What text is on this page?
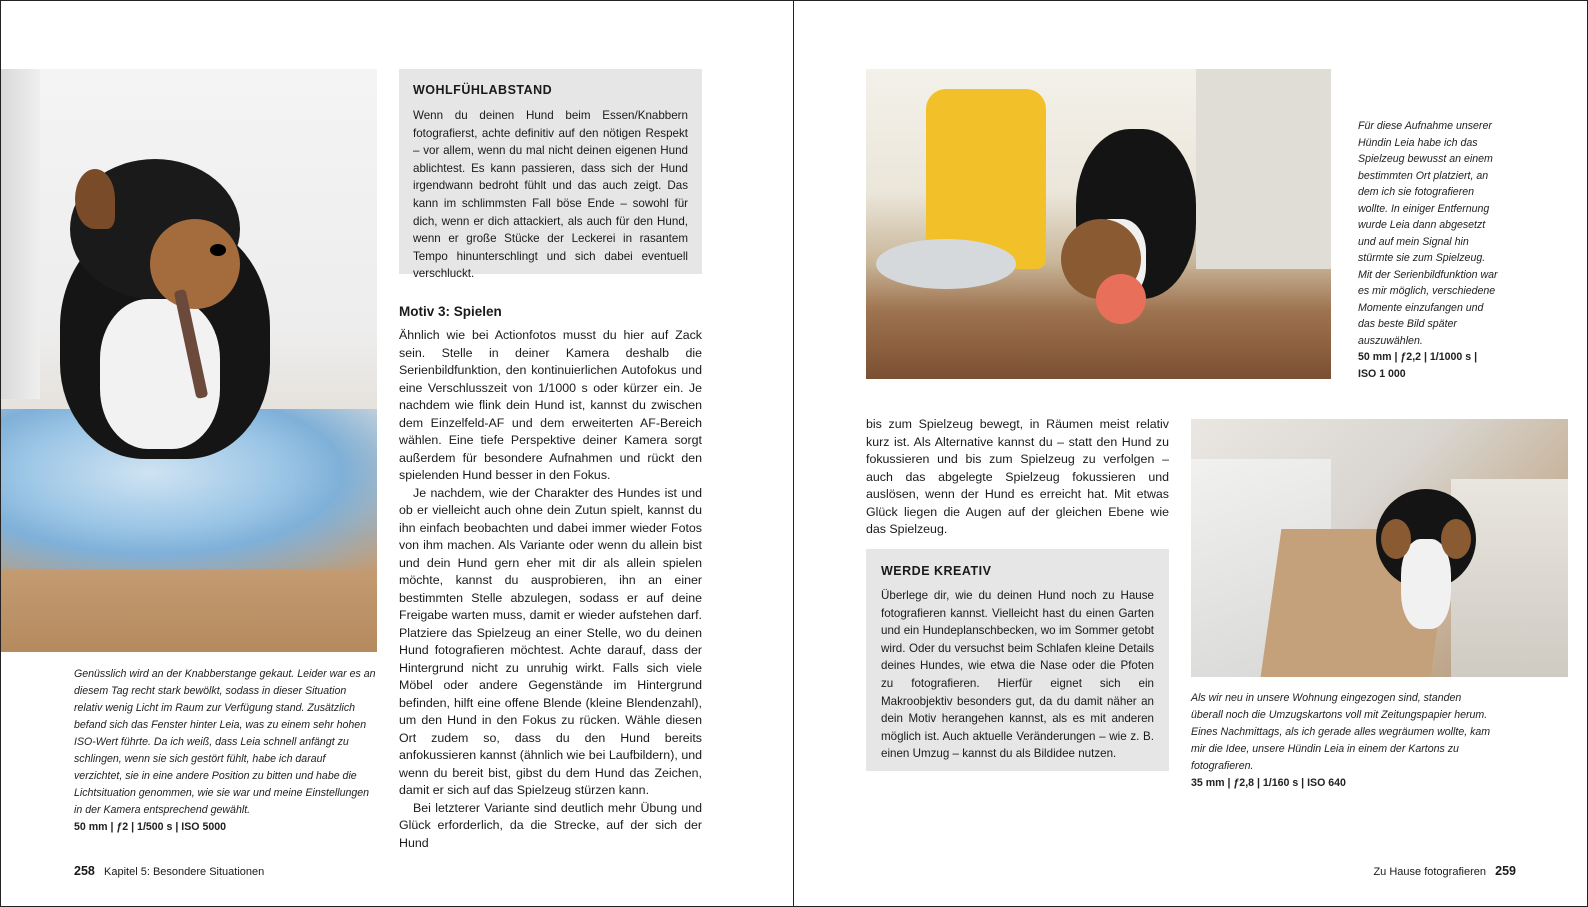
Genüsslich wird an der Knabberstange gekaut. Leider war es an diesem Tag recht stark bewölkt, sodass in dieser Situation relativ wenig Licht im Raum zur Verfügung stand. Zusätzlich befand sich das Fenster hinter Leia, was zu einem sehr hohen ISO-Wert führte. Da ich weiß, dass Leia schnell anfängt zu schlingen, wenn sie sich gestört fühlt, habe ich darauf verzichtet, sie in eine andere Position zu bitten und habe die Lichtsituation genommen, wie sie war und meine Einstellungen in der Kamera entsprechend gewählt.
50 mm | ƒ2 | 1/500 s | ISO 5000
WOHLFÜHLABSTAND

Wenn du deinen Hund beim Essen/Knabbern fotografierst, achte definitiv auf den nötigen Respekt – vor allem, wenn du mal nicht deinen eigenen Hund ablichtest. Es kann passieren, dass sich der Hund irgendwann bedroht fühlt und das auch zeigt. Das kann im schlimmsten Fall böse Ende – sowohl für dich, wenn er dich attackiert, als auch für den Hund, wenn er große Stücke der Leckerei in rasantem Tempo hinunterschlingt und sich dabei eventuell verschluckt.

Motiv 3: Spielen

Ähnlich wie bei Actionfotos musst du hier auf Zack sein. Stelle in deiner Kamera deshalb die Serienbildfunktion, den kontinuierlichen Autofokus und eine Verschlusszeit von 1/1000 s oder kürzer ein. Je nachdem wie flink dein Hund ist, kannst du zwischen dem Einzelfeld-AF und dem erweiterten AF-Bereich wählen. Eine tiefe Perspektive deiner Kamera sorgt außerdem für besondere Aufnahmen und rückt den spielenden Hund besser in den Fokus.

Je nachdem, wie der Charakter des Hundes ist und ob er vielleicht auch ohne dein Zutun spielt, kannst du ihn einfach beobachten und dabei immer wieder Fotos von ihm machen. Als Variante oder wenn du allein bist und dein Hund gern eher mit dir als allein spielen möchte, kannst du ausprobieren, ihn an einer bestimmten Stelle abzulegen, sodass er auf deine Freigabe warten muss, damit er wieder aufstehen darf. Platziere das Spielzeug an einer Stelle, wo du deinen Hund fotografieren möchtest. Achte darauf, dass der Hintergrund nicht zu unruhig wirkt. Falls sich viele Möbel oder andere Gegenstände im Hintergrund befinden, hilft eine offene Blende (kleine Blendenzahl), um den Hund in den Fokus zu rücken. Wähle diesen Ort zudem so, dass du den Hund bereits anfokussieren kannst (ähnlich wie bei Laufbildern), und wenn du bereit bist, gibst du dem Hund das Zeichen, damit er sich auf das Spielzeug stürzen kann.

Bei letzterer Variante sind deutlich mehr Übung und Glück erforderlich, da die Strecke, auf der sich der Hund

258 Kapitel 5: Besondere Situationen
Für diese Aufnahme unserer Hündin Leia habe ich das Spielzeug bewusst an einem bestimmten Ort platziert, an dem ich sie fotografieren wollte. In einiger Entfernung wurde Leia dann abgesetzt und auf mein Signal hin stürmte sie zum Spielzeug. Mit der Serienbildfunktion war es mir möglich, verschiedene Momente einzufangen und das beste Bild später auszuwählen.
50 mm | ƒ2,2 | 1/1000 s | ISO 1 000

bis zum Spielzeug bewegt, in Räumen meist relativ kurz ist. Als Alternative kannst du – statt den Hund zu fokussieren und bis zum Spielzeug zu verfolgen – auch das abgelegte Spielzeug fokussieren und auslösen, wenn der Hund es erreicht hat. Mit etwas Glück liegen die Augen auf der gleichen Ebene wie das Spielzeug.

WERDE KREATIV

Überlege dir, wie du deinen Hund noch zu Hause fotografieren kannst. Vielleicht hast du einen Garten und ein Hundeplanschbecken, wo im Sommer getobt wird. Oder du versuchst beim Schlafen kleine Details deines Hundes, wie etwa die Nase oder die Pfoten zu fotografieren. Hierfür eignet sich ein Makroobjektiv besonders gut, da du damit näher an dein Motiv herangehen kannst, als es mit anderen möglich ist. Auch aktuelle Veränderungen – wie z. B. einen Umzug – kannst du als Bildidee nutzen.

Als wir neu in unsere Wohnung eingezogen sind, standen überall noch die Umzugskartons voll mit Zeitungspapier herum. Eines Nachmittags, als ich gerade alles wegräumen wollte, kam mir die Idee, unsere Hündin Leia in einem der Kartons zu fotografieren.
35 mm | ƒ2,8 | 1/160 s | ISO 640
Zu Hause fotografieren 259
